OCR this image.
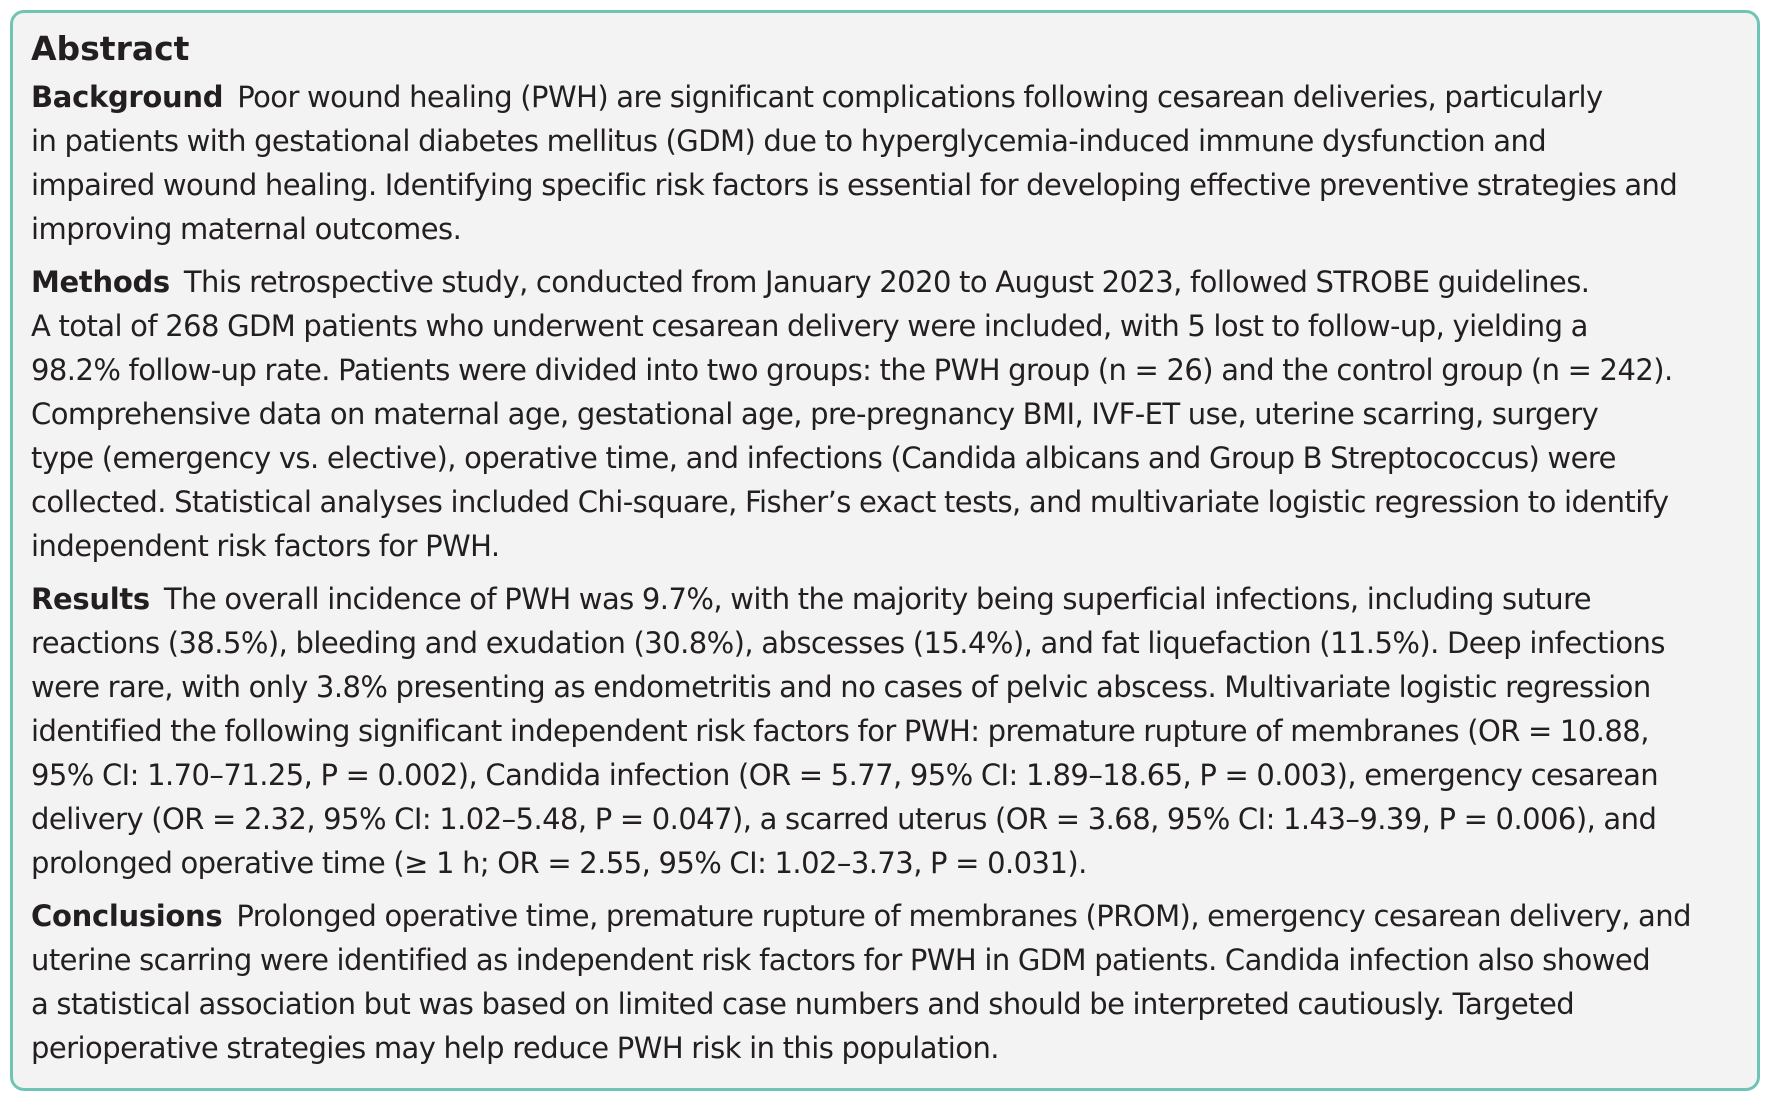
Abstract
Background Poor wound healing (PWH) are significant complications following cesarean deliveries, particularly
in patients with gestational diabetes mellitus (GDM) due to hyperglycemia-induced immune dysfunction and
impaired wound healing. Identifying specific risk factors is essential for developing effective preventive strategies and
improving maternal outcomes.
Methods This retrospective study, conducted from January 2020 to August 2023, followed STROBE guidelines.
A total of 268 GDM patients who underwent cesarean delivery were included, with 5 lost to follow-up, yielding a
98.2% follow-up rate. Patients were divided into two groups: the PWH group (n = 26) and the control group (n = 242).
Comprehensive data on maternal age, gestational age, pre-pregnancy BMI, IVF-ET use, uterine scarring, surgery
type (emergency vs. elective), operative time, and infections (Candida albicans and Group B Streptococcus) were
collected. Statistical analyses included Chi-square, Fisher’s exact tests, and multivariate logistic regression to identify
independent risk factors for PWH.
Results The overall incidence of PWH was 9.7%, with the majority being superficial infections, including suture
reactions (38.5%), bleeding and exudation (30.8%), abscesses (15.4%), and fat liquefaction (11.5%). Deep infections
were rare, with only 3.8% presenting as endometritis and no cases of pelvic abscess. Multivariate logistic regression
identified the following significant independent risk factors for PWH: premature rupture of membranes (OR = 10.88,
95% CI: 1.70–71.25, P = 0.002), Candida infection (OR = 5.77, 95% CI: 1.89–18.65, P = 0.003), emergency cesarean
delivery (OR = 2.32, 95% CI: 1.02–5.48, P = 0.047), a scarred uterus (OR = 3.68, 95% CI: 1.43–9.39, P = 0.006), and
prolonged operative time (≥ 1 h; OR = 2.55, 95% CI: 1.02–3.73, P = 0.031).
Conclusions Prolonged operative time, premature rupture of membranes (PROM), emergency cesarean delivery, and
uterine scarring were identified as independent risk factors for PWH in GDM patients. Candida infection also showed
a statistical association but was based on limited case numbers and should be interpreted cautiously. Targeted
perioperative strategies may help reduce PWH risk in this population.
